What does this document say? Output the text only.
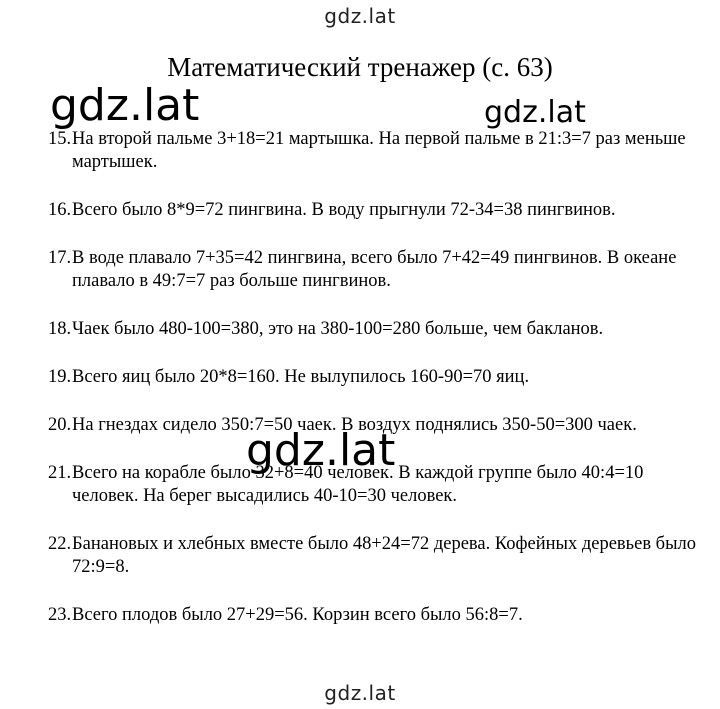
gdz.lat
Математический тренажер (с. 63)
15. На второй пальме 3+18=21 мартышка. На первой пальме в 21:3=7 раз меньше мартышек.
16. Всего было 8*9=72 пингвина. В воду прыгнули 72-34=38 пингвинов.
17. В воде плавало 7+35=42 пингвина, всего было 7+42=49 пингвинов. В океане плавало в 49:7=7 раз больше пингвинов.
18. Чаек было 480-100=380, это на 380-100=280 больше, чем бакланов.
19. Всего яиц было 20*8=160. Не вылупилось 160-90=70 яиц.
20. На гнездах сидело 350:7=50 чаек. В воздух поднялись 350-50=300 чаек.
21. Всего на корабле было 32+8=40 человек. В каждой группе было 40:4=10 человек. На берег высадились 40-10=30 человек.
22. Банановых и хлебных вместе было 48+24=72 дерева. Кофейных деревьев было 72:9=8.
23. Всего плодов было 27+29=56. Корзин всего было 56:8=7.
gdz.lat	gdz.lat
gdz.lat
gdz.lat
